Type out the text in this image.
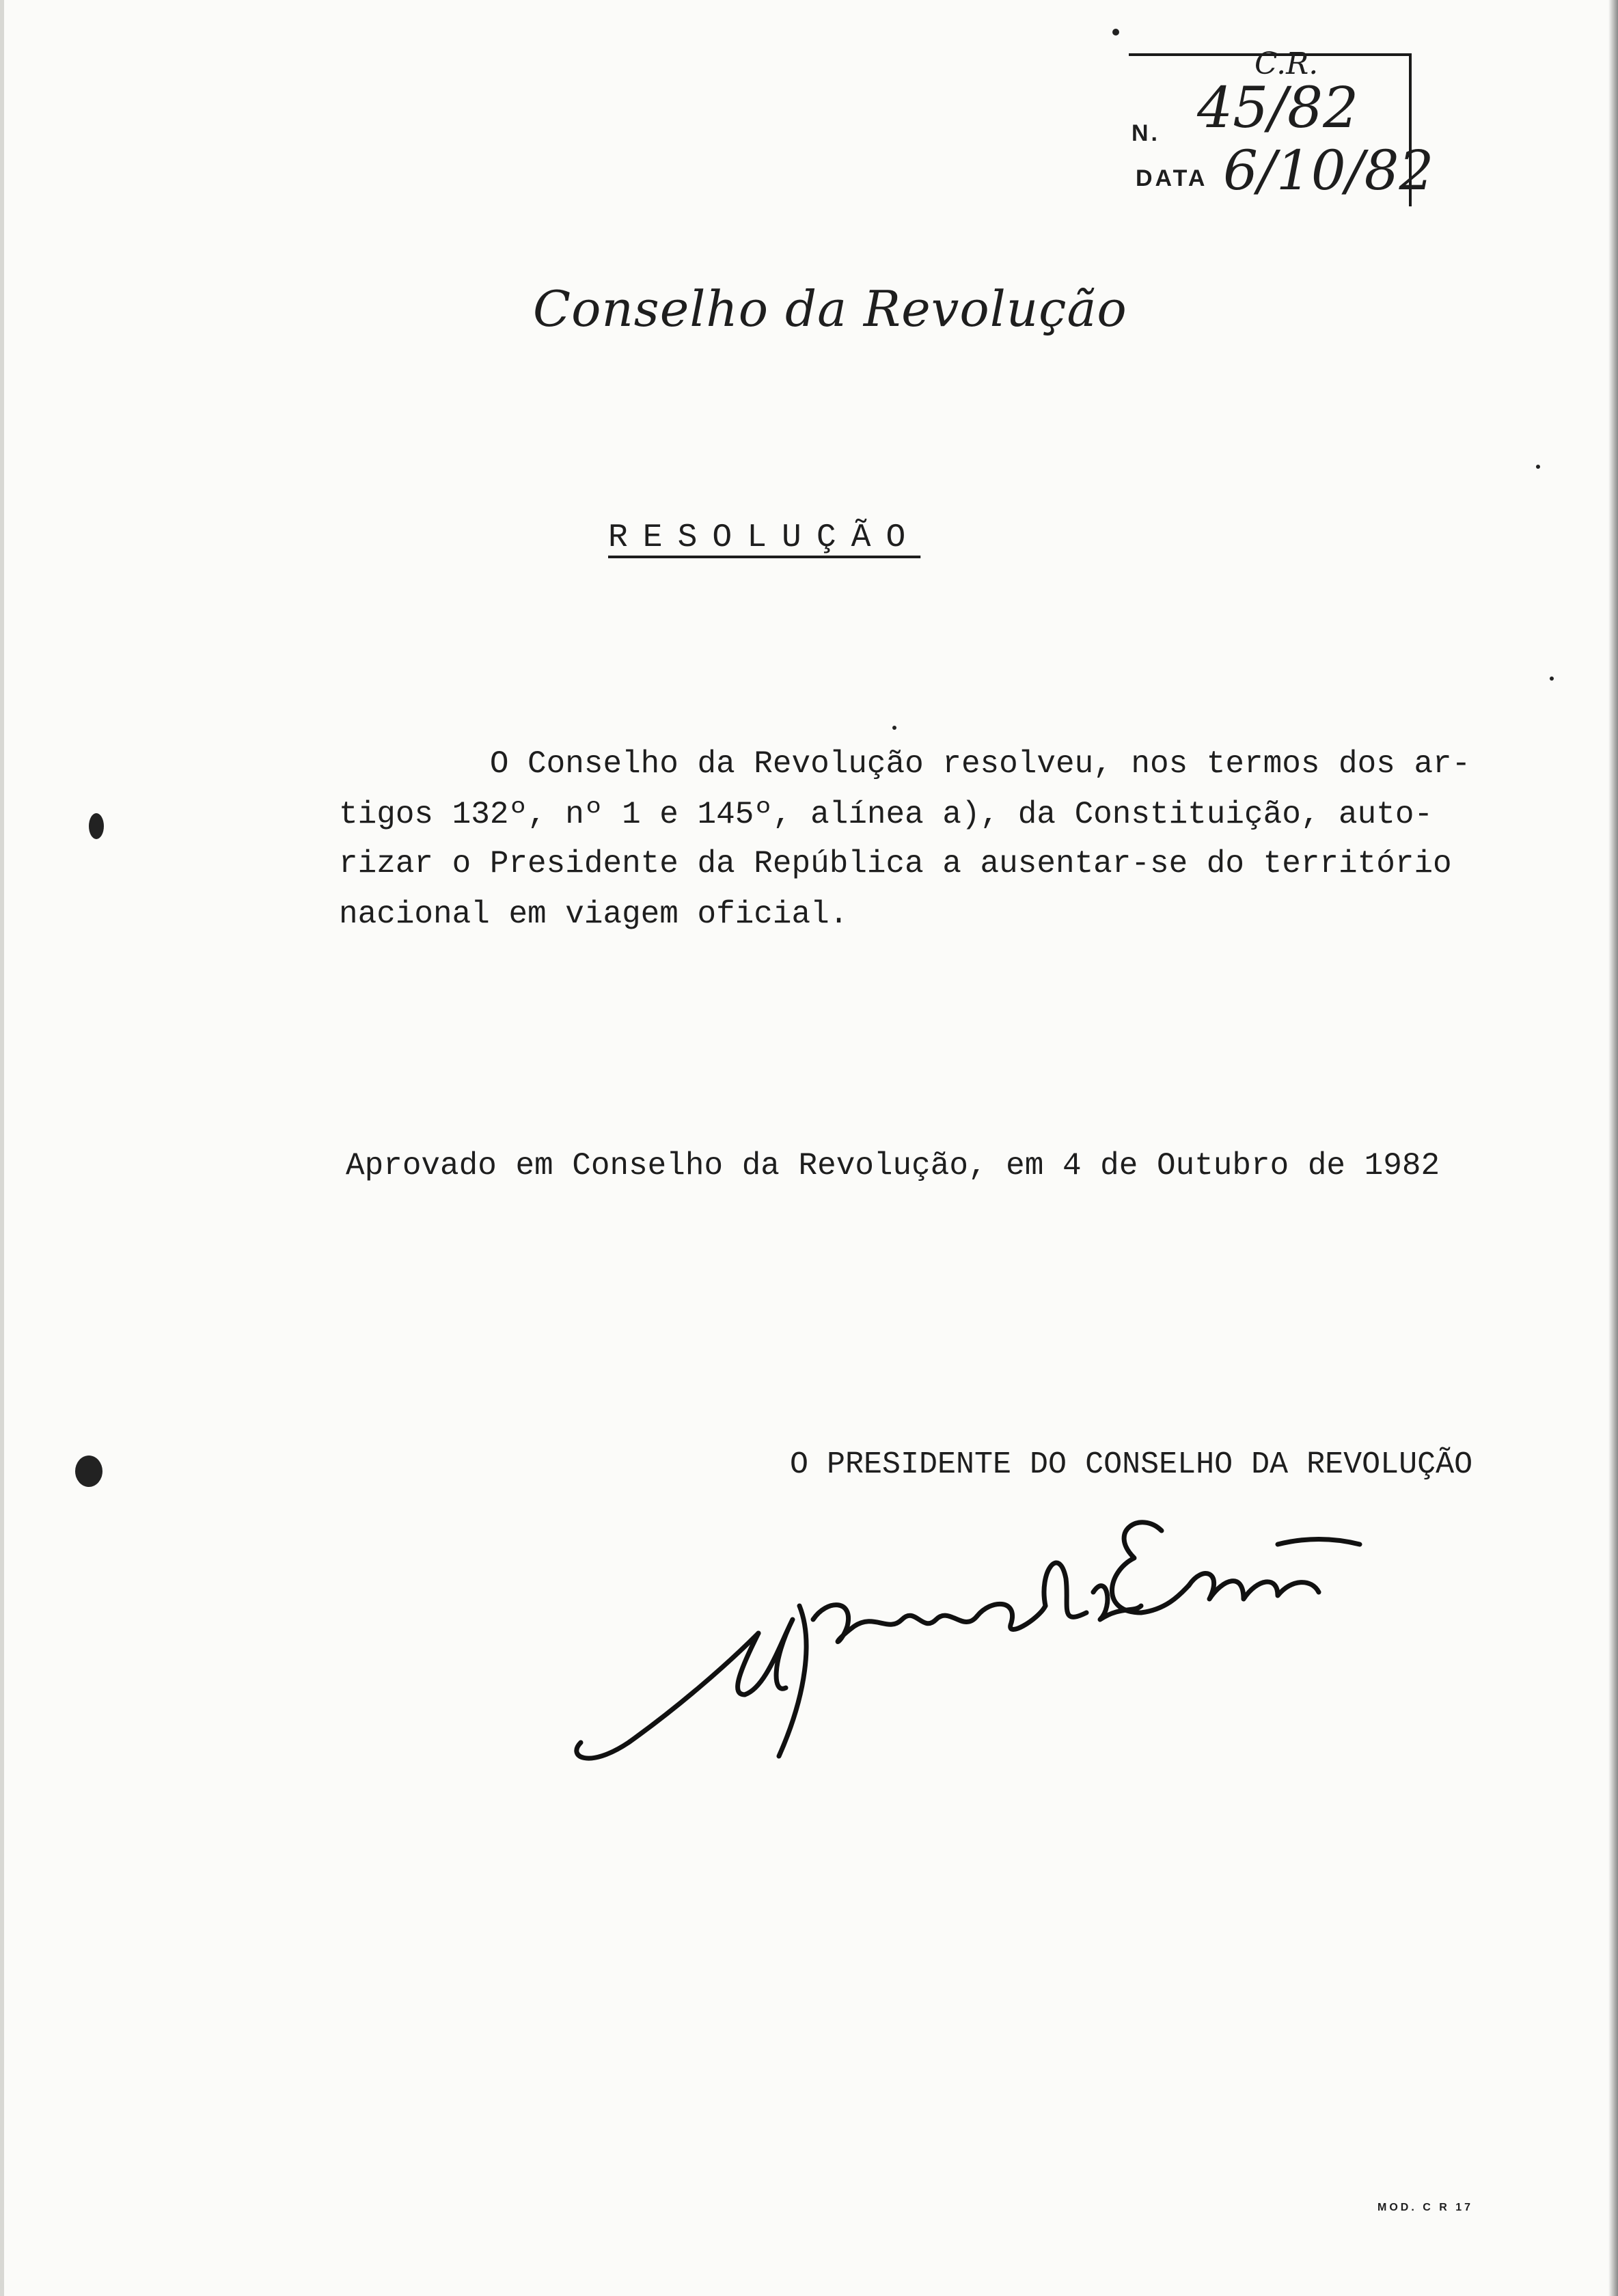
N. 45/82
C.R.
DATA 6/10/82
Conselho da Revolução
RESOLUÇÃO
O Conselho da Revolução resolveu, nos termos dos ar-
tigos 132º, nº 1 e 145º, alínea a), da Constituição, auto-
rizar o Presidente da República a ausentar-se do território
nacional em viagem oficial.
Aprovado em Conselho da Revolução, em 4 de Outubro de 1982
O PRESIDENTE DO CONSELHO DA REVOLUÇÃO
MOD. C R 17
